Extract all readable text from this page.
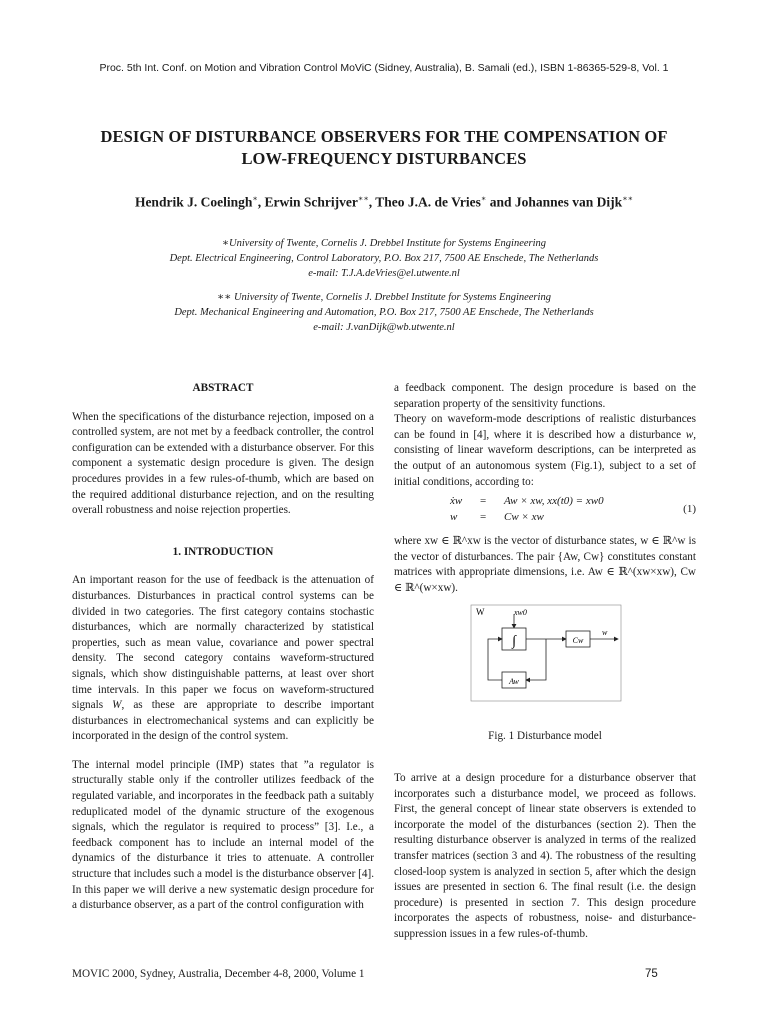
Proc. 5th Int. Conf. on Motion and Vibration Control MoViC (Sidney, Australia), B. Samali (ed.), ISBN 1-86365-529-8, Vol. 1
DESIGN OF DISTURBANCE OBSERVERS FOR THE COMPENSATION OF
LOW-FREQUENCY DISTURBANCES
Hendrik J. Coelingh∗, Erwin Schrijver∗∗, Theo J.A. de Vries∗ and Johannes van Dijk∗∗
∗University of Twente, Cornelis J. Drebbel Institute for Systems Engineering
Dept. Electrical Engineering, Control Laboratory, P.O. Box 217, 7500 AE Enschede, The Netherlands
e-mail: T.J.A.deVries@el.utwente.nl
∗∗ University of Twente, Cornelis J. Drebbel Institute for Systems Engineering
Dept. Mechanical Engineering and Automation, P.O. Box 217, 7500 AE Enschede, The Netherlands
e-mail: J.vanDijk@wb.utwente.nl
ABSTRACT

When the specifications of the disturbance rejection, imposed on a controlled system, are not met by a feedback controller, the control configuration can be extended with a disturbance observer. For this component a systematic design procedure is given. The design procedures provides in a few rules-of-thumb, which are based on the required additional disturbance rejection, and on the resulting overall robustness and noise rejection properties.

1. INTRODUCTION

An important reason for the use of feedback is the attenuation of disturbances. Disturbances in practical control systems can be divided in two categories. The first category contains stochastic disturbances, which are normally characterized by statistical properties, such as mean value, covariance and power spectral density. The second category contains waveform-structured signals, which show distinguishable patterns, at least over short time intervals. In this paper we focus on waveform-structured signals W, as these are appropriate to describe important disturbances in electromechanical systems and can explicitly be incorporated in the design of the control system.

The internal model principle (IMP) states that ”a regulator is structurally stable only if the controller utilizes feedback of the regulated variable, and incorporates in the feedback path a suitably reduplicated model of the dynamic structure of the exogenous signals, which the regulator is required to process” [3]. I.e., a feedback component has to include an internal model of the dynamics of the disturbance it tries to attenuate. A controller structure that includes such a model is the disturbance observer [4]. In this paper we will derive a new systematic design procedure for a disturbance observer, as a part of the control configuration with

a feedback component. The design procedure is based on the separation property of the sensitivity functions.

Theory on waveform-mode descriptions of realistic disturbances can be found in [4], where it is described how a disturbance w, consisting of linear waveform descriptions, can be interpreted as the output of an autonomous system (Fig.1), subject to a set of initial conditions, according to:

ẋw = Aw × xw, xx(t0) = xw0
w = Cw × xw
(1)

where xw ∈ ℝ^xw is the vector of disturbance states, w ∈ ℝ^w is the vector of disturbances. The pair {Aw, Cw} constitutes constant matrices with appropriate dimensions, i.e. Aw ∈ ℝ^(xw×xw), Cw ∈ ℝ^(w×xw).

W	xw0
∫	Cw
w
Aw
Fig. 1 Disturbance model

To arrive at a design procedure for a disturbance observer that incorporates such a disturbance model, we proceed as follows. First, the general concept of linear state observers is extended to incorporate the model of the disturbances (section 2). Then the resulting disturbance observer is analyzed in terms of the realized transfer matrices (section 3 and 4). The robustness of the resulting closed-loop system is analyzed in section 5, after which the design issues are presented in section 6. The final result (i.e. the design procedure) is presented in section 7. This design procedure incorporates the aspects of robustness, noise- and disturbance- suppression issues in a few rules-of-thumb.

MOVIC 2000, Sydney, Australia, December 4-8, 2000, Volume 1	75
